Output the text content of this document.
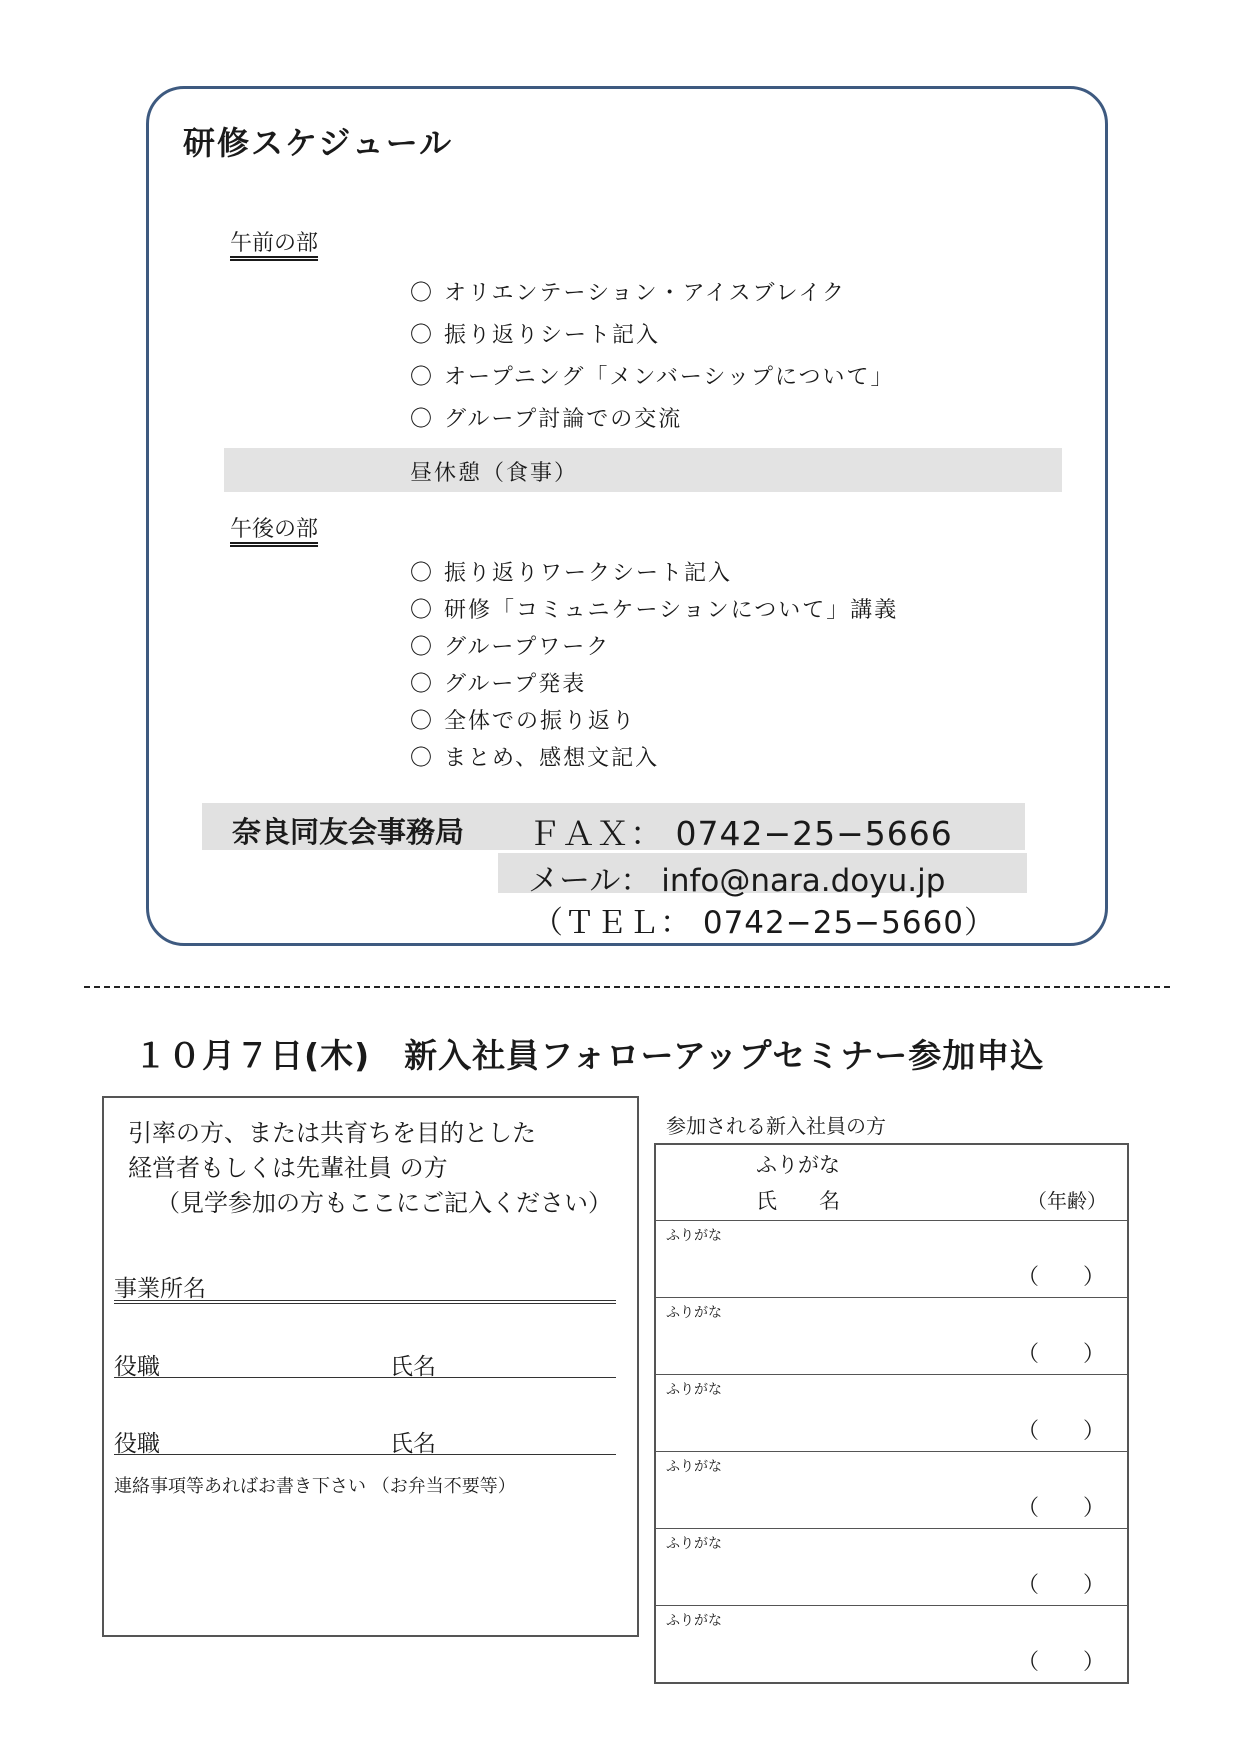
研修スケジュール
午前の部
〇 オリエンテーション・アイスブレイク
〇 振り返りシート記入
〇 オープニング「メンバーシップについて」
〇 グループ討論での交流
昼休憩（食事）
午後の部
〇 振り返りワークシート記入
〇 研修「コミュニケーションについて」講義
〇 グループワーク
〇 グループ発表
〇 全体での振り返り
〇 まとめ、感想文記入
奈良同友会事務局 ＦＡＸ： 0742−25−5666
メール： info@nara.doyu.jp
（ＴＥＬ： 0742−25−5660）
１０月７日(木)　新入社員フォローアップセミナー参加申込
引率の方、または共育ちを目的とした
経営者もしくは先輩社員 の方
（見学参加の方もここにご記入ください）
事業所名
役職	氏名
役職	氏名
連絡事項等あればお書き下さい （お弁当不要等）
参加される新入社員の方
ふりがな
氏　　名	（年齢）
ふりがな
（　　）
ふりがな
（　　）
ふりがな
（　　）
ふりがな
（　　）
ふりがな
（　　）
ふりがな
（　　）
